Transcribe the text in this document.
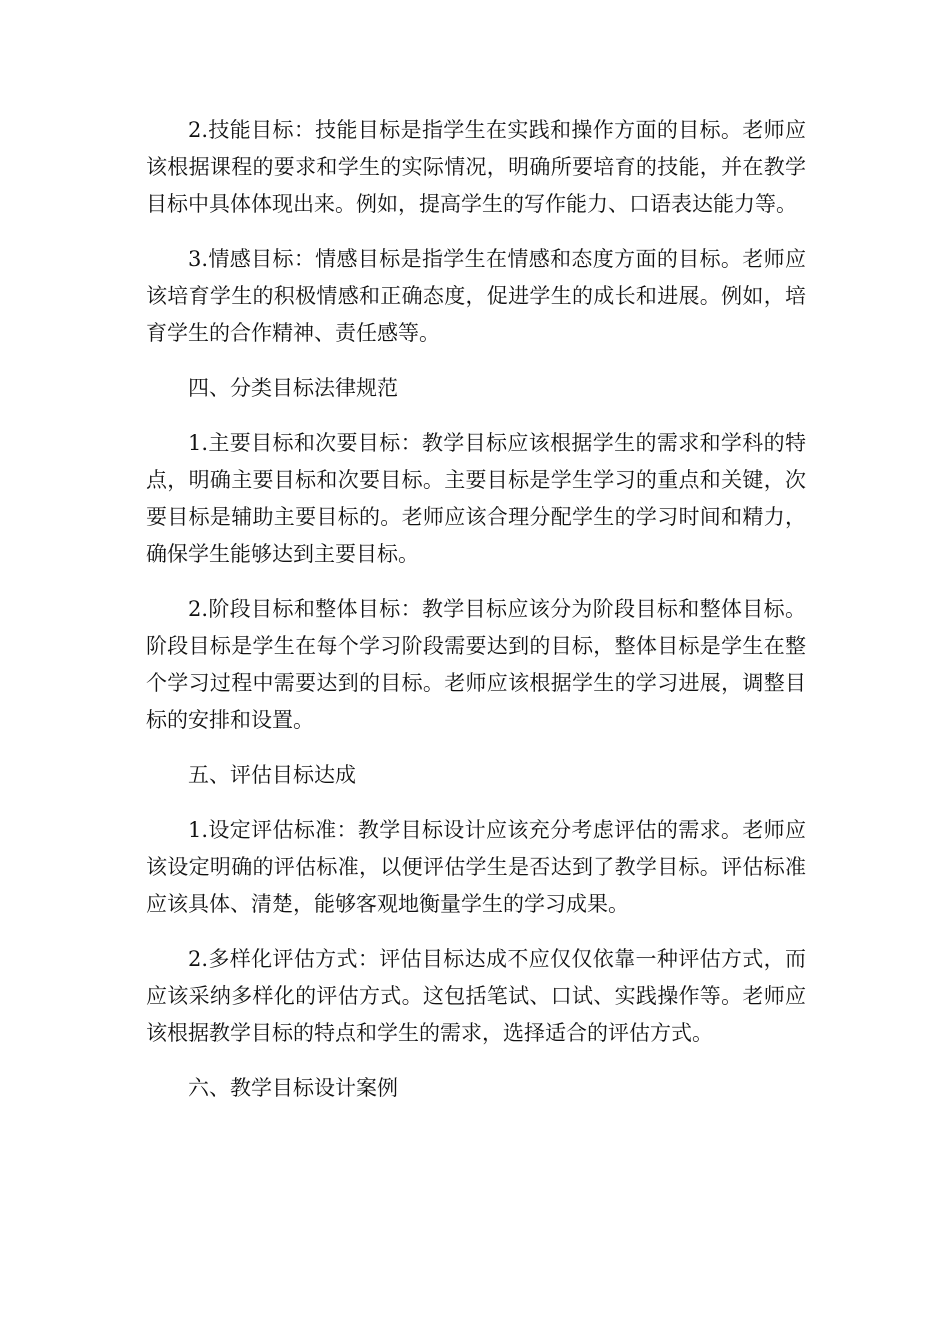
2.技能目标：技能目标是指学生在实践和操作方面的目标。老师应该根据课程的要求和学生的实际情况，明确所要培育的技能，并在教学目标中具体体现出来。例如，提高学生的写作能力、口语表达能力等。

3.情感目标：情感目标是指学生在情感和态度方面的目标。老师应该培育学生的积极情感和正确态度，促进学生的成长和进展。例如，培育学生的合作精神、责任感等。

四、分类目标法律规范

1.主要目标和次要目标：教学目标应该根据学生的需求和学科的特点，明确主要目标和次要目标。主要目标是学生学习的重点和关键，次要目标是辅助主要目标的。老师应该合理分配学生的学习时间和精力，确保学生能够达到主要目标。

2.阶段目标和整体目标：教学目标应该分为阶段目标和整体目标。阶段目标是学生在每个学习阶段需要达到的目标，整体目标是学生在整个学习过程中需要达到的目标。老师应该根据学生的学习进展，调整目标的安排和设置。

五、评估目标达成

1.设定评估标准：教学目标设计应该充分考虑评估的需求。老师应该设定明确的评估标准，以便评估学生是否达到了教学目标。评估标准应该具体、清楚，能够客观地衡量学生的学习成果。

2.多样化评估方式：评估目标达成不应仅仅依靠一种评估方式，而应该采纳多样化的评估方式。这包括笔试、口试、实践操作等。老师应该根据教学目标的特点和学生的需求，选择适合的评估方式。

六、教学目标设计案例
